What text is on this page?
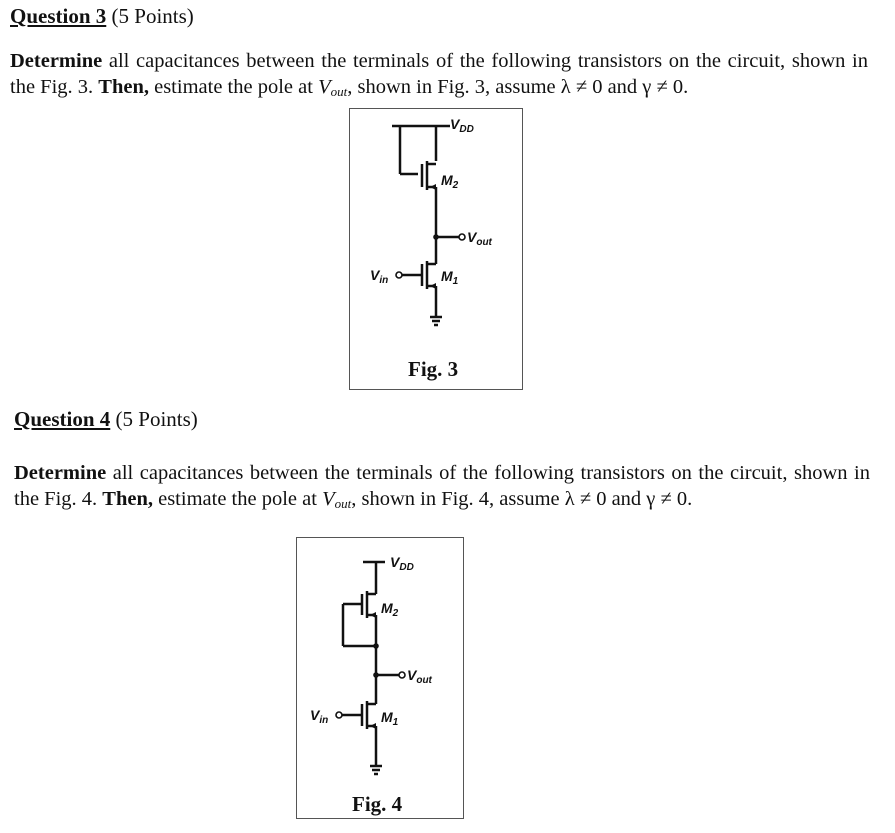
Question 3 (5 Points)
Determine all capacitances between the terminals of the following transistors on the circuit, shown in the Fig. 3. Then, estimate the pole at $V_{out}$, shown in Fig. 3, assume λ ≠ 0 and γ ≠ 0.
$V_{DD}$
$M_2$
$V_{out}$
$M_1$
$V_{in}$
Fig. 3
Question 4 (5 Points)
Determine all capacitances between the terminals of the following transistors on the circuit, shown in the Fig. 4. Then, estimate the pole at $V_{out}$, shown in Fig. 4, assume λ ≠ 0 and γ ≠ 0.
$V_{DD}$
$M_2$
$V_{out}$
$M_1$
$V_{in}$
Fig. 4
